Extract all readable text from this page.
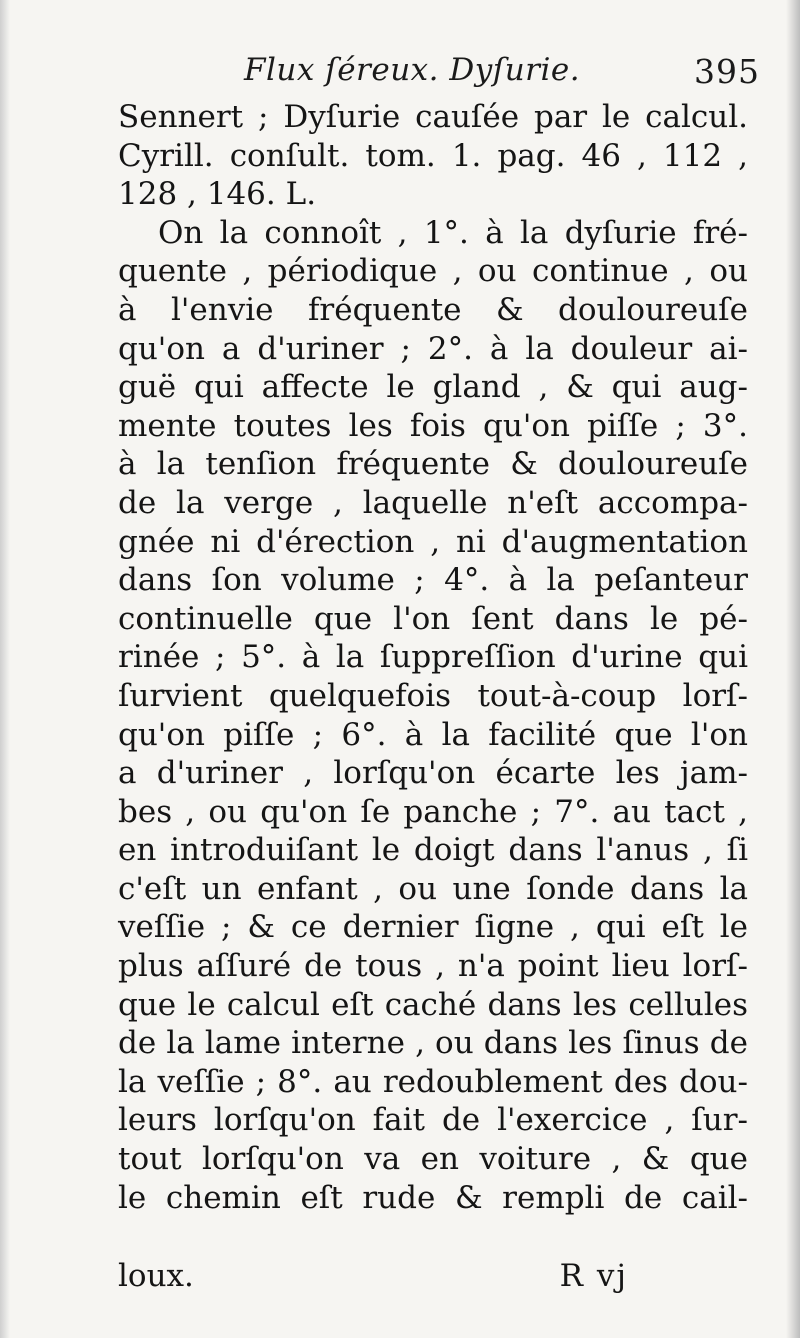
Flux ſéreux. Dyſurie.	395
Sennert ; Dyſurie cauſée par le calcul.
Cyrill. conſult. tom. 1. pag. 46 , 112 ,
128 , 146. L.
On la connoît , 1°. à la dyſurie fré-
quente , périodique , ou continue , ou
à l'envie fréquente & douloureuſe
qu'on a d'uriner ; 2°. à la douleur ai-
guë qui affecte le gland , & qui aug-
mente toutes les fois qu'on piſſe ; 3°.
à la tenſion fréquente & douloureuſe
de la verge , laquelle n'eſt accompa-
gnée ni d'érection , ni d'augmentation
dans ſon volume ; 4°. à la peſanteur
continuelle que l'on ſent dans le pé-
rinée ; 5°. à la ſuppreſſion d'urine qui
ſurvient quelquefois tout-à-coup lorſ-
qu'on piſſe ; 6°. à la facilité que l'on
a d'uriner , lorſqu'on écarte les jam-
bes , ou qu'on ſe panche ; 7°. au tact ,
en introduiſant le doigt dans l'anus , ſi
c'eſt un enfant , ou une ſonde dans la
veſſie ; & ce dernier ſigne , qui eſt le
plus aſſuré de tous , n'a point lieu lorſ-
que le calcul eſt caché dans les cellules
de la lame interne , ou dans les ſinus de
la veſſie ; 8°. au redoublement des dou-
leurs lorſqu'on fait de l'exercice , ſur-
tout lorſqu'on va en voiture , & que
le chemin eſt rude & rempli de cail-
loux.	R vj
